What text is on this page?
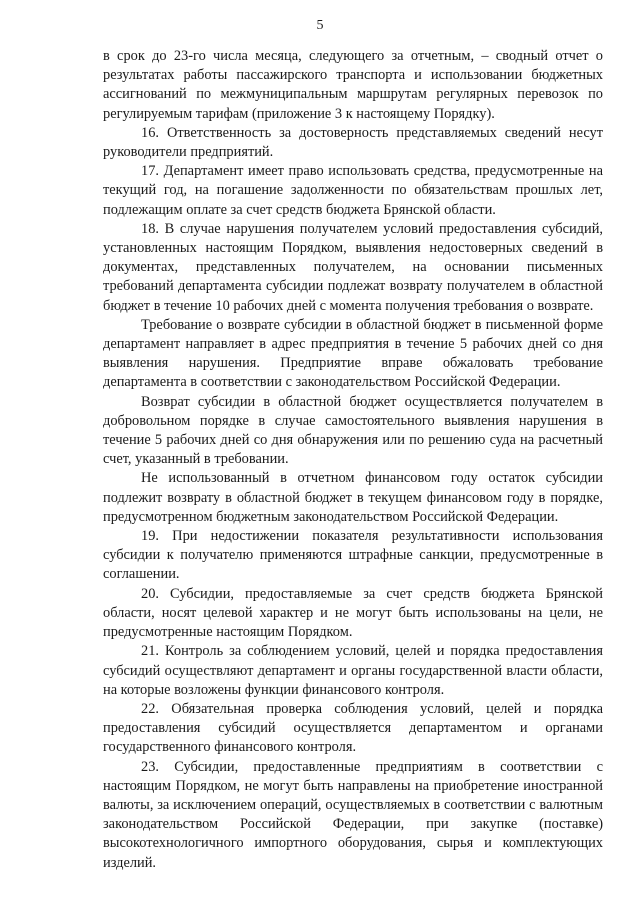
5

в срок до 23-го числа месяца, следующего за отчетным, – сводный отчет о результатах работы пассажирского транспорта и использовании бюджетных ассигнований по межмуниципальным маршрутам регулярных перевозок по регулируемым тарифам (приложение 3 к настоящему Порядку).

16. Ответственность за достоверность представляемых сведений несут руководители предприятий.

17. Департамент имеет право использовать средства, предусмотренные на текущий год, на погашение задолженности по обязательствам прошлых лет, подлежащим оплате за счет средств бюджета Брянской области.

18. В случае нарушения получателем условий предоставления субсидий, установленных настоящим Порядком, выявления недостоверных сведений в документах, представленных получателем, на основании письменных требований департамента субсидии подлежат возврату получателем в областной бюджет в течение 10 рабочих дней с момента получения требования о возврате.

Требование о возврате субсидии в областной бюджет в письменной форме департамент направляет в адрес предприятия в течение 5 рабочих дней со дня выявления нарушения. Предприятие вправе обжаловать требование департамента в соответствии с законодательством Российской Федерации.

Возврат субсидии в областной бюджет осуществляется получателем в добровольном порядке в случае самостоятельного выявления нарушения в течение 5 рабочих дней со дня обнаружения или по решению суда на расчетный счет, указанный в требовании.

Не использованный в отчетном финансовом году остаток субсидии подлежит возврату в областной бюджет в текущем финансовом году в порядке, предусмотренном бюджетным законодательством Российской Федерации.

19. При недостижении показателя результативности использования субсидии к получателю применяются штрафные санкции, предусмотренные в соглашении.

20. Субсидии, предоставляемые за счет средств бюджета Брянской области, носят целевой характер и не могут быть использованы на цели, не предусмотренные настоящим Порядком.

21. Контроль за соблюдением условий, целей и порядка предоставления субсидий осуществляют департамент и органы государственной власти области, на которые возложены функции финансового контроля.

22. Обязательная проверка соблюдения условий, целей и порядка предоставления субсидий осуществляется департаментом и органами государственного финансового контроля.

23. Субсидии, предоставленные предприятиям в соответствии с настоящим Порядком, не могут быть направлены на приобретение иностранной валюты, за исключением операций, осуществляемых в соответствии с валютным законодательством Российской Федерации, при закупке (поставке) высокотехнологичного импортного оборудования, сырья и комплектующих изделий.
